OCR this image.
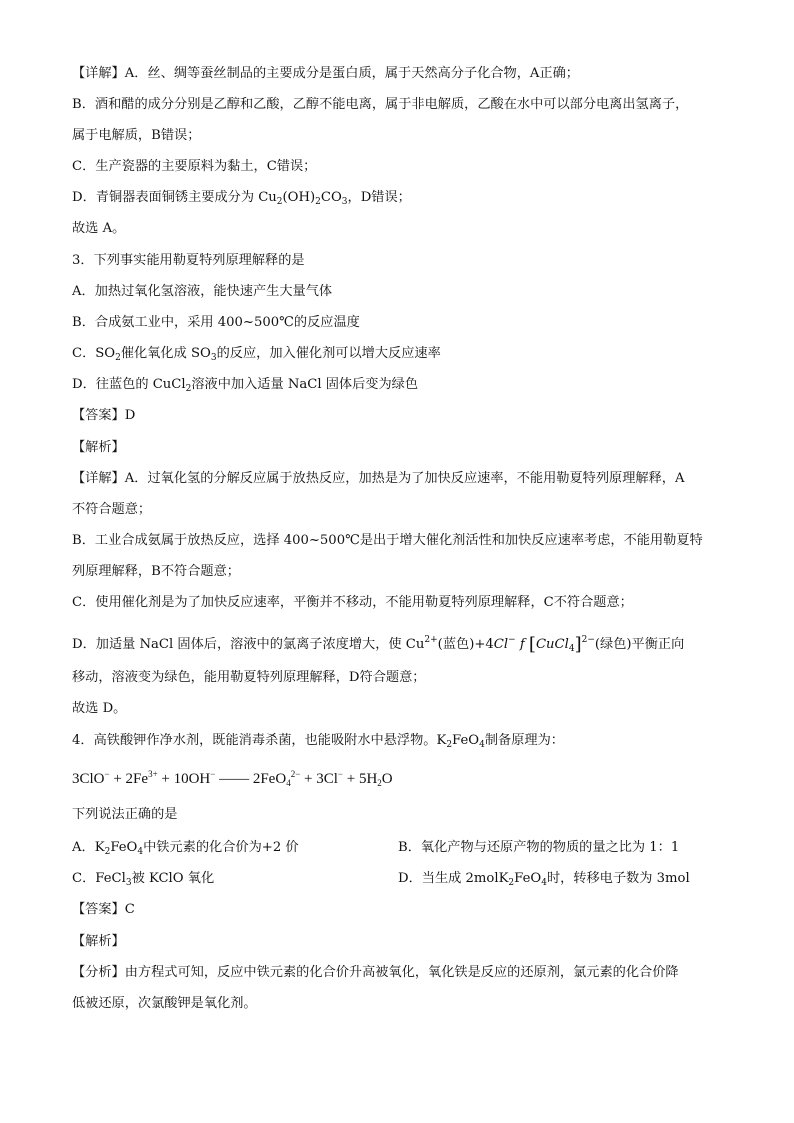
【详解】A．丝、绸等蚕丝制品的主要成分是蛋白质，属于天然高分子化合物，A正确；
B．酒和醋的成分分别是乙醇和乙酸，乙醇不能电离，属于非电解质，乙酸在水中可以部分电离出氢离子，
属于电解质，B错误；
C．生产瓷器的主要原料为黏土，C错误；
D．青铜器表面铜锈主要成分为 $Cu_2(OH)_2CO_3$，D错误；
故选 A。
3．下列事实能用勒夏特列原理解释的是
A．加热过氧化氢溶液，能快速产生大量气体
B．合成氨工业中，采用 400~500℃的反应温度
C．$SO_2$催化氧化成 $SO_3$的反应，加入催化剂可以增大反应速率
D．往蓝色的 CuCl$_2$溶液中加入适量 NaCl 固体后变为绿色
【答案】D
【解析】
【详解】A．过氧化氢的分解反应属于放热反应，加热是为了加快反应速率，不能用勒夏特列原理解释，A
不符合题意；
B．工业合成氨属于放热反应，选择 400~500℃是出于增大催化剂活性和加快反应速率考虑，不能用勒夏特
列原理解释，B不符合题意；
C．使用催化剂是为了加快反应速率，平衡并不移动，不能用勒夏特列原理解释，C不符合题意；
D．加适量 NaCl 固体后，溶液中的氯离子浓度增大，使 $Cu^{2+}$(蓝色)+4Cl− f [CuCl$_4$]$^{2-}$(绿色)平衡正向
移动，溶液变为绿色，能用勒夏特列原理解释，D符合题意；
故选 D。
4．高铁酸钾作净水剂，既能消毒杀菌，也能吸附水中悬浮物。$K_2FeO_4$制备原理为：
$3ClO^- + 2Fe^{3+} + 10OH^-$ —— $2FeO_4^{2-} + 3Cl^- + 5H_2O$
下列说法正确的是
A．$K_2FeO_4$中铁元素的化合价为+2 价	B．氧化产物与还原产物的物质的量之比为 1：1
C．FeCl$_3$被 KClO 氧化	D．当生成 2molK$_2$FeO$_4$时，转移电子数为 3mol
【答案】C
【解析】
【分析】由方程式可知，反应中铁元素的化合价升高被氧化，氧化铁是反应的还原剂，氯元素的化合价降
低被还原，次氯酸钾是氧化剂。
